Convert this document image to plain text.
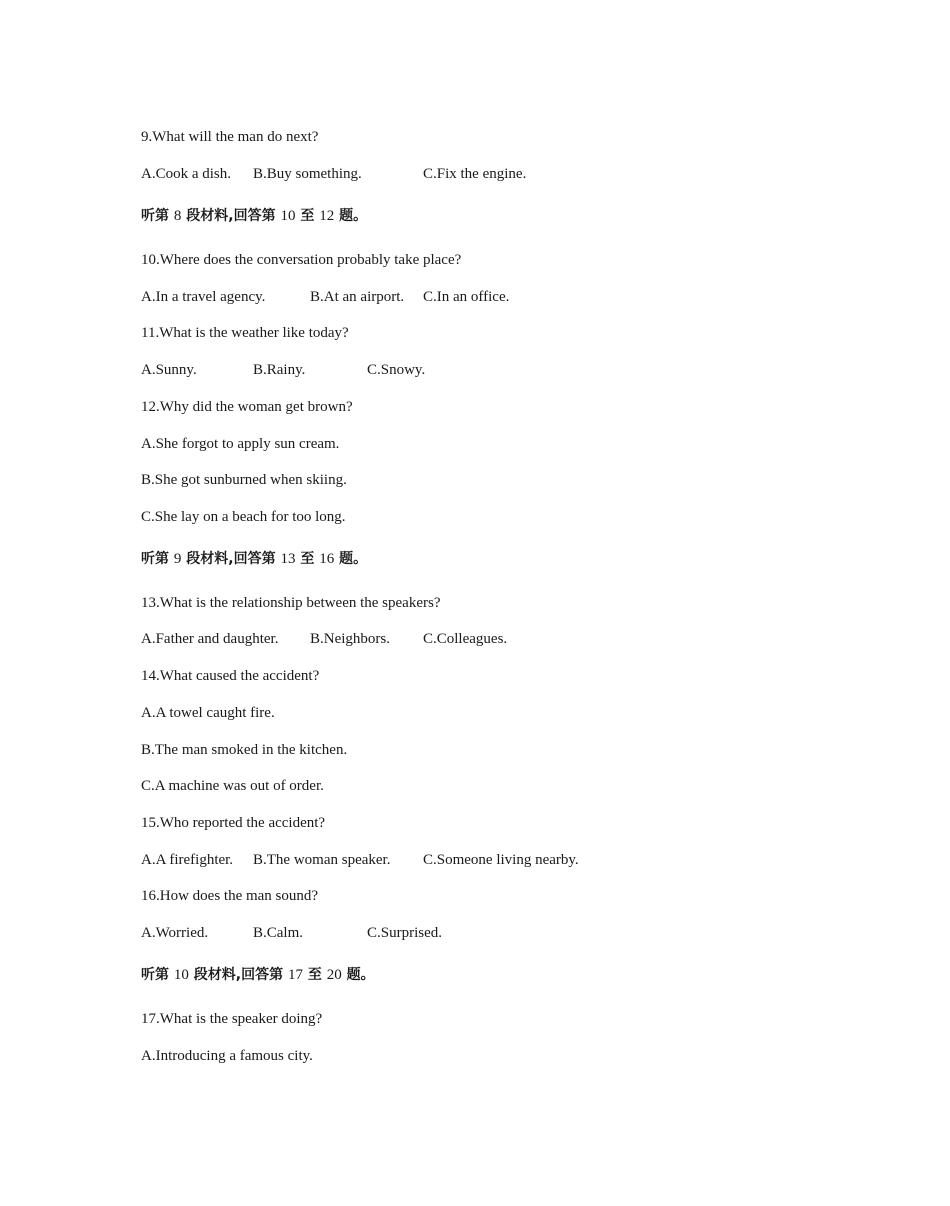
9.What will the man do next?
A.Cook a dish. B.Buy something.	C.Fix the engine.
听第 8 段材料,回答第 10 至 12 题。
10.Where does the conversation probably take place?
A.In a travel agency.	B.At an airport. C.In an office.
11.What is the weather like today?
A.Sunny.	B.Rainy.	C.Snowy.
12.Why did the woman get brown?
A.She forgot to apply sun cream.
B.She got sunburned when skiing.
C.She lay on a beach for too long.
听第 9 段材料,回答第 13 至 16 题。
13.What is the relationship between the speakers?
A.Father and daughter. B.Neighbors. C.Colleagues.
14.What caused the accident?
A.A towel caught fire.
B.The man smoked in the kitchen.
C.A machine was out of order.
15.Who reported the accident?
A.A firefighter. B.The woman speaker. C.Someone living nearby.
16.How does the man sound?
A.Worried.	B.Calm.	C.Surprised.
听第 10 段材料,回答第 17 至 20 题。
17.What is the speaker doing?
A.Introducing a famous city.
